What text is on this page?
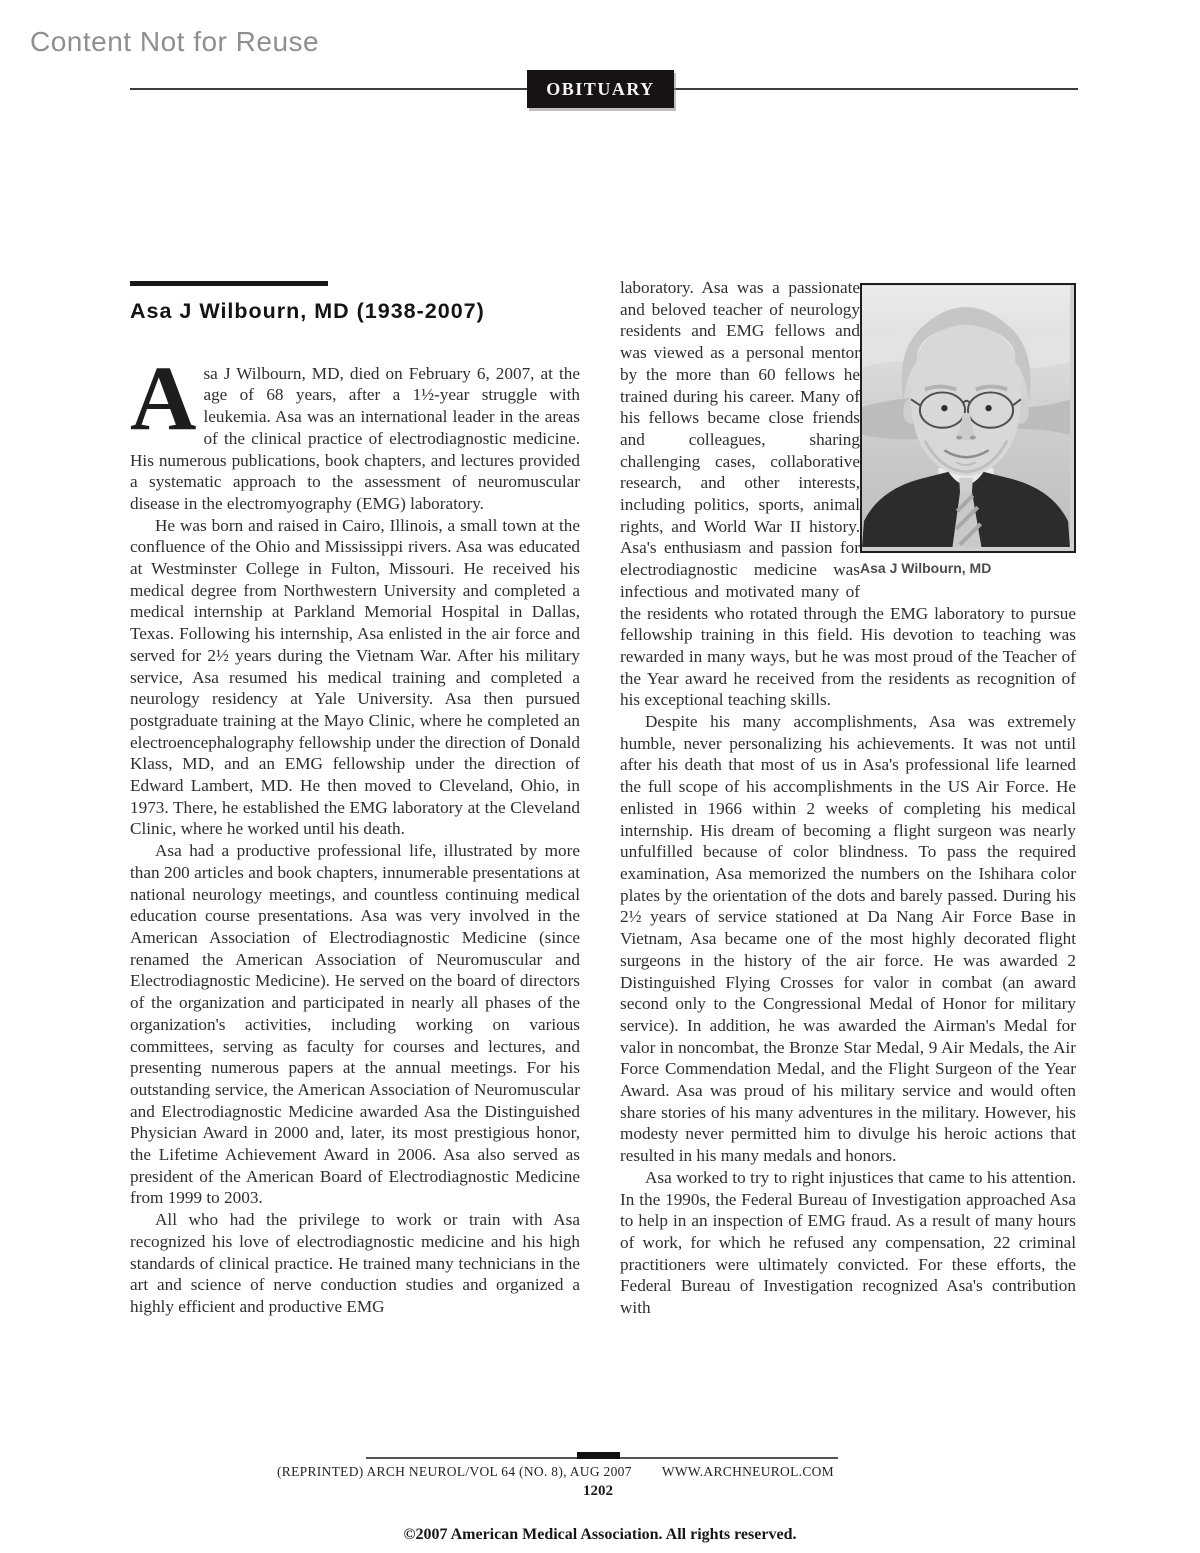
Content Not for Reuse
OBITUARY
Asa J Wilbourn, MD (1938-2007)

Asa J Wilbourn, MD, died on February 6, 2007, at the age of 68 years, after a 1½-year struggle with leukemia. Asa was an international leader in the areas of the clinical practice of electrodiagnostic medicine. His numerous publications, book chapters, and lectures provided a systematic approach to the assessment of neuromuscular disease in the electromyography (EMG) laboratory.

He was born and raised in Cairo, Illinois, a small town at the confluence of the Ohio and Mississippi rivers. Asa was educated at Westminster College in Fulton, Missouri. He received his medical degree from Northwestern University and completed a medical internship at Parkland Memorial Hospital in Dallas, Texas. Following his internship, Asa enlisted in the air force and served for 2½ years during the Vietnam War. After his military service, Asa resumed his medical training and completed a neurology residency at Yale University. Asa then pursued postgraduate training at the Mayo Clinic, where he completed an electroencephalography fellowship under the direction of Donald Klass, MD, and an EMG fellowship under the direction of Edward Lambert, MD. He then moved to Cleveland, Ohio, in 1973. There, he established the EMG laboratory at the Cleveland Clinic, where he worked until his death.

Asa had a productive professional life, illustrated by more than 200 articles and book chapters, innumerable presentations at national neurology meetings, and countless continuing medical education course presentations. Asa was very involved in the American Association of Electrodiagnostic Medicine (since renamed the American Association of Neuromuscular and Electrodiagnostic Medicine). He served on the board of directors of the organization and participated in nearly all phases of the organization's activities, including working on various committees, serving as faculty for courses and lectures, and presenting numerous papers at the annual meetings. For his outstanding service, the American Association of Neuromuscular and Electrodiagnostic Medicine awarded Asa the Distinguished Physician Award in 2000 and, later, its most prestigious honor, the Lifetime Achievement Award in 2006. Asa also served as president of the American Board of Electrodiagnostic Medicine from 1999 to 2003.

All who had the privilege to work or train with Asa recognized his love of electrodiagnostic medicine and his high standards of clinical practice. He trained many technicians in the art and science of nerve conduction studies and organized a highly efficient and productive EMG

Asa J Wilbourn, MD

laboratory. Asa was a passionate and beloved teacher of neurology residents and EMG fellows and was viewed as a personal mentor by the more than 60 fellows he trained during his career. Many of his fellows became close friends and colleagues, sharing challenging cases, collaborative research, and other interests, including politics, sports, animal rights, and World War II history. Asa's enthusiasm and passion for electrodiagnostic medicine was infectious and motivated many of the residents who rotated through the EMG laboratory to pursue fellowship training in this field. His devotion to teaching was rewarded in many ways, but he was most proud of the Teacher of the Year award he received from the residents as recognition of his exceptional teaching skills.

Despite his many accomplishments, Asa was extremely humble, never personalizing his achievements. It was not until after his death that most of us in Asa's professional life learned the full scope of his accomplishments in the US Air Force. He enlisted in 1966 within 2 weeks of completing his medical internship. His dream of becoming a flight surgeon was nearly unfulfilled because of color blindness. To pass the required examination, Asa memorized the numbers on the Ishihara color plates by the orientation of the dots and barely passed. During his 2½ years of service stationed at Da Nang Air Force Base in Vietnam, Asa became one of the most highly decorated flight surgeons in the history of the air force. He was awarded 2 Distinguished Flying Crosses for valor in combat (an award second only to the Congressional Medal of Honor for military service). In addition, he was awarded the Airman's Medal for valor in noncombat, the Bronze Star Medal, 9 Air Medals, the Air Force Commendation Medal, and the Flight Surgeon of the Year Award. Asa was proud of his military service and would often share stories of his many adventures in the military. However, his modesty never permitted him to divulge his heroic actions that resulted in his many medals and honors.

Asa worked to try to right injustices that came to his attention. In the 1990s, the Federal Bureau of Investigation approached Asa to help in an inspection of EMG fraud. As a result of many hours of work, for which he refused any compensation, 22 criminal practitioners were ultimately convicted. For these efforts, the Federal Bureau of Investigation recognized Asa's contribution with

(REPRINTED) ARCH NEUROL/VOL 64 (NO. 8), AUG 2007 WWW.ARCHNEUROL.COM
1202
©2007 American Medical Association. All rights reserved.
